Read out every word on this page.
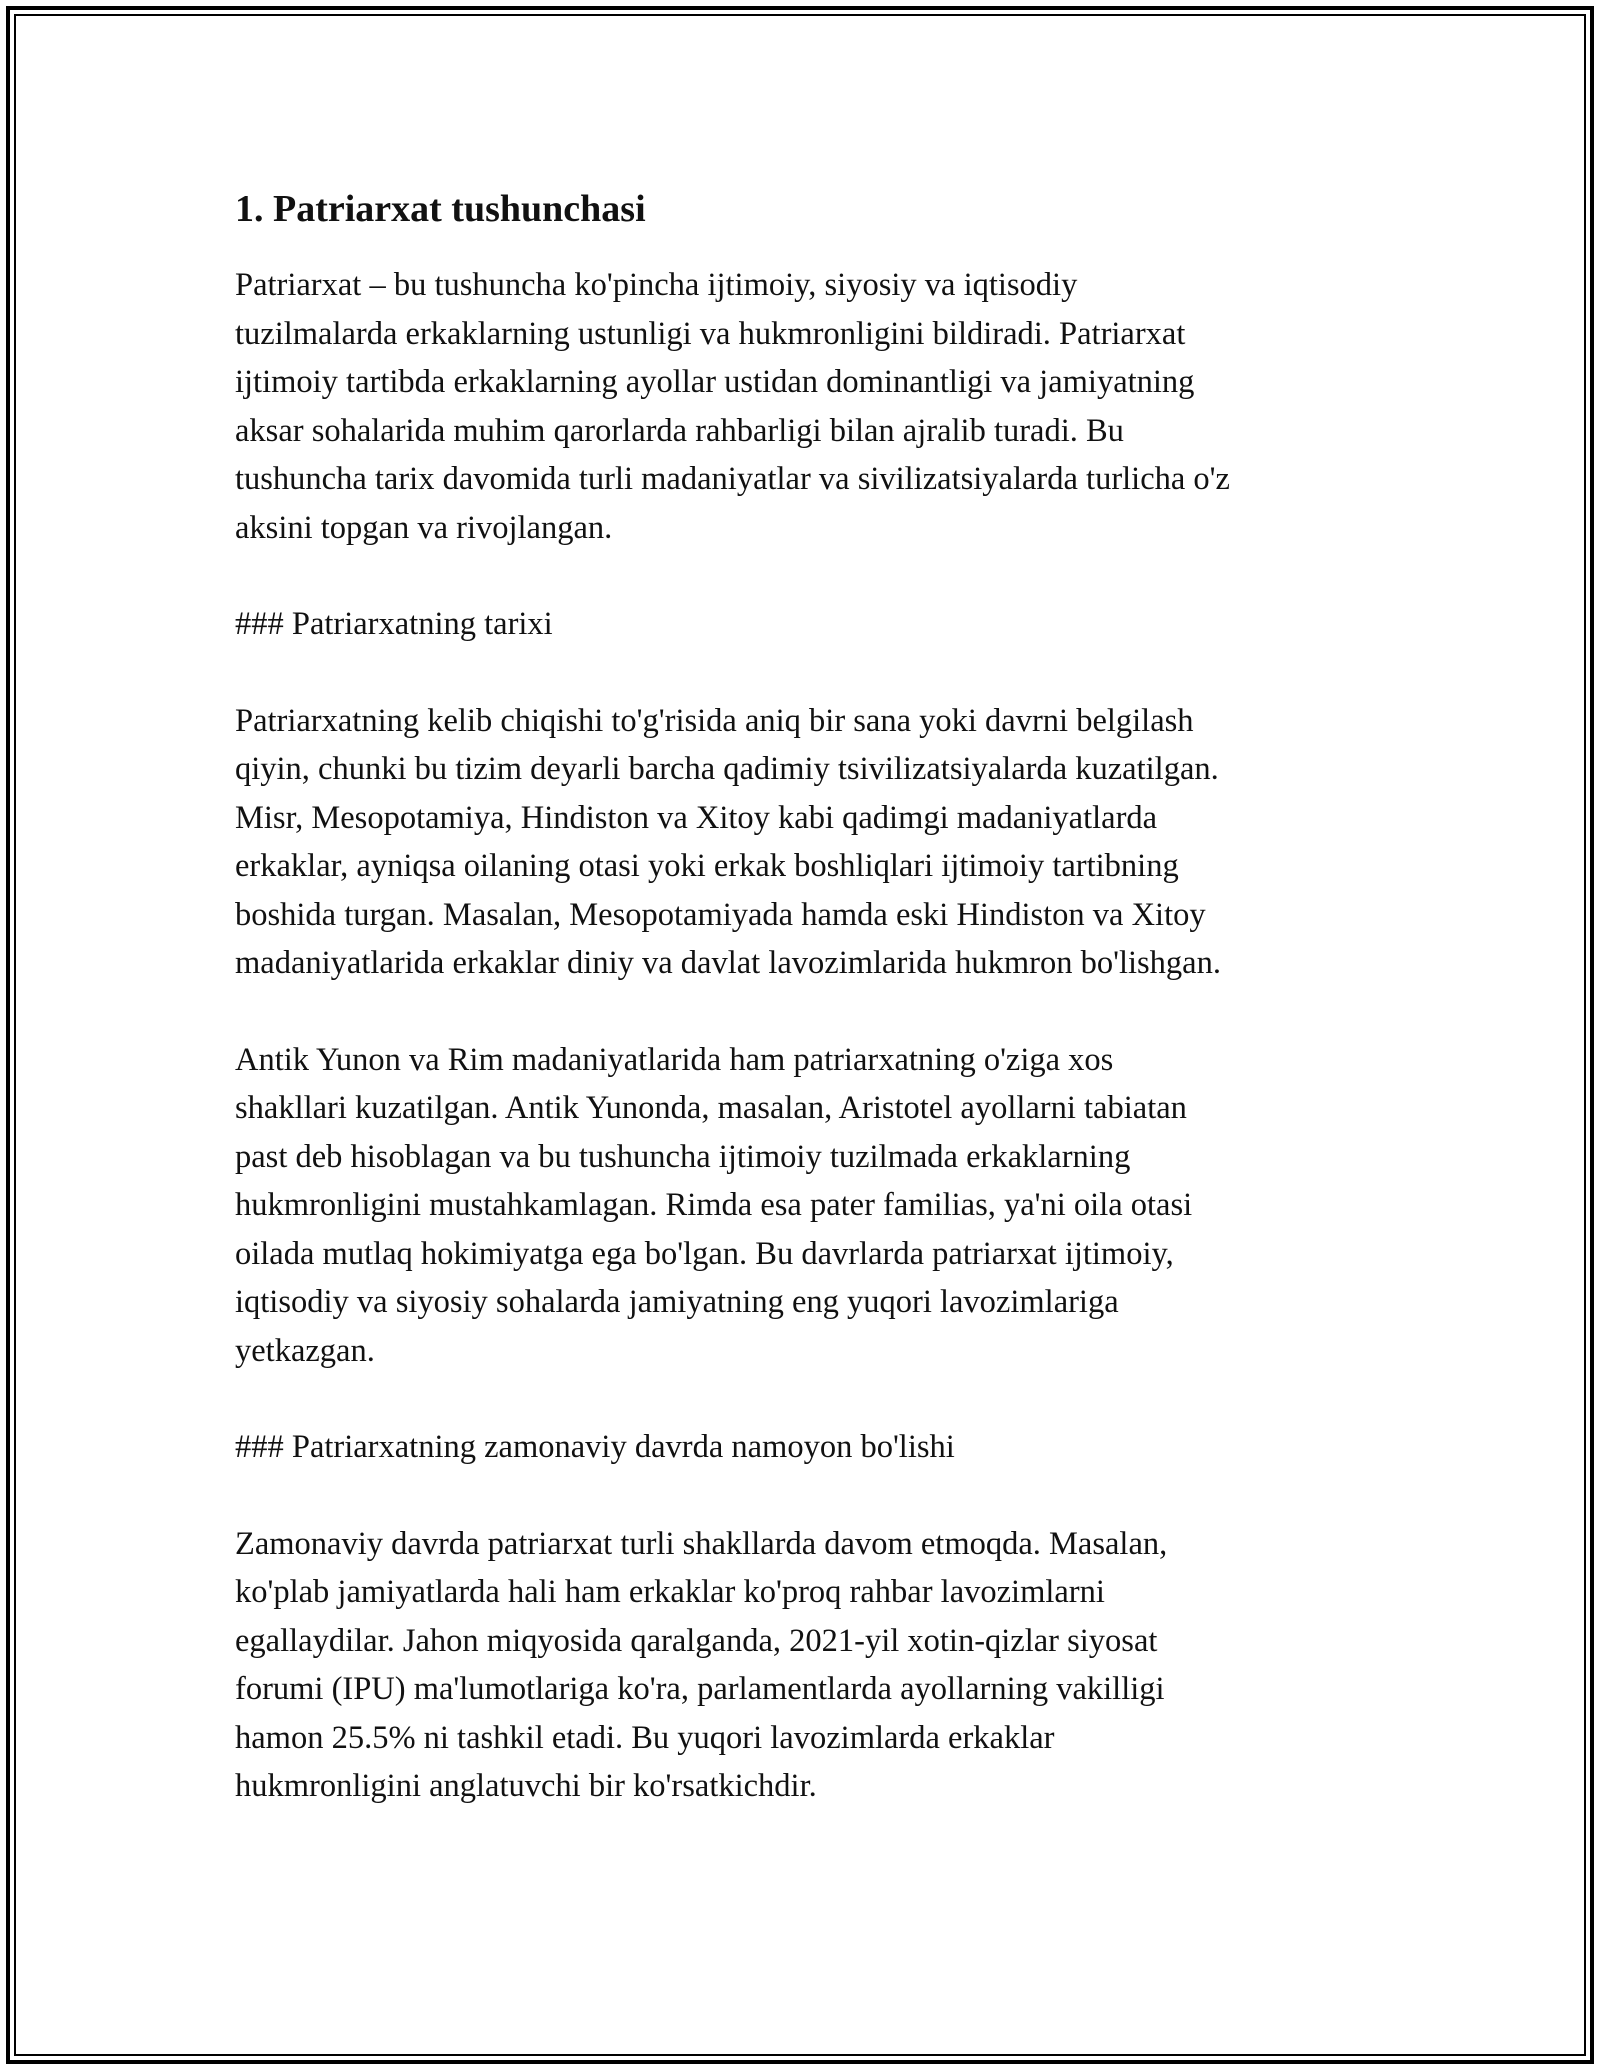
1. Patriarxat tushunchasi

Patriarxat – bu tushuncha ko'pincha ijtimoiy, siyosiy va iqtisodiy
tuzilmalarda erkaklarning ustunligi va hukmronligini bildiradi. Patriarxat
ijtimoiy tartibda erkaklarning ayollar ustidan dominantligi va jamiyatning
aksar sohalarida muhim qarorlarda rahbarligi bilan ajralib turadi. Bu
tushuncha tarix davomida turli madaniyatlar va sivilizatsiyalarda turlicha o'z
aksini topgan va rivojlangan.

### Patriarxatning tarixi

Patriarxatning kelib chiqishi to'g'risida aniq bir sana yoki davrni belgilash
qiyin, chunki bu tizim deyarli barcha qadimiy tsivilizatsiyalarda kuzatilgan.
Misr, Mesopotamiya, Hindiston va Xitoy kabi qadimgi madaniyatlarda
erkaklar, ayniqsa oilaning otasi yoki erkak boshliqlari ijtimoiy tartibning
boshida turgan. Masalan, Mesopotamiyada hamda eski Hindiston va Xitoy
madaniyatlarida erkaklar diniy va davlat lavozimlarida hukmron bo'lishgan.

Antik Yunon va Rim madaniyatlarida ham patriarxatning o'ziga xos
shakllari kuzatilgan. Antik Yunonda, masalan, Aristotel ayollarni tabiatan
past deb hisoblagan va bu tushuncha ijtimoiy tuzilmada erkaklarning
hukmronligini mustahkamlagan. Rimda esa pater familias, ya'ni oila otasi
oilada mutlaq hokimiyatga ega bo'lgan. Bu davrlarda patriarxat ijtimoiy,
iqtisodiy va siyosiy sohalarda jamiyatning eng yuqori lavozimlariga
yetkazgan.

### Patriarxatning zamonaviy davrda namoyon bo'lishi

Zamonaviy davrda patriarxat turli shakllarda davom etmoqda. Masalan,
ko'plab jamiyatlarda hali ham erkaklar ko'proq rahbar lavozimlarni
egallaydilar. Jahon miqyosida qaralganda, 2021-yil xotin-qizlar siyosat
forumi (IPU) ma'lumotlariga ko'ra, parlamentlarda ayollarning vakilligi
hamon 25.5% ni tashkil etadi. Bu yuqori lavozimlarda erkaklar
hukmronligini anglatuvchi bir ko'rsatkichdir.
